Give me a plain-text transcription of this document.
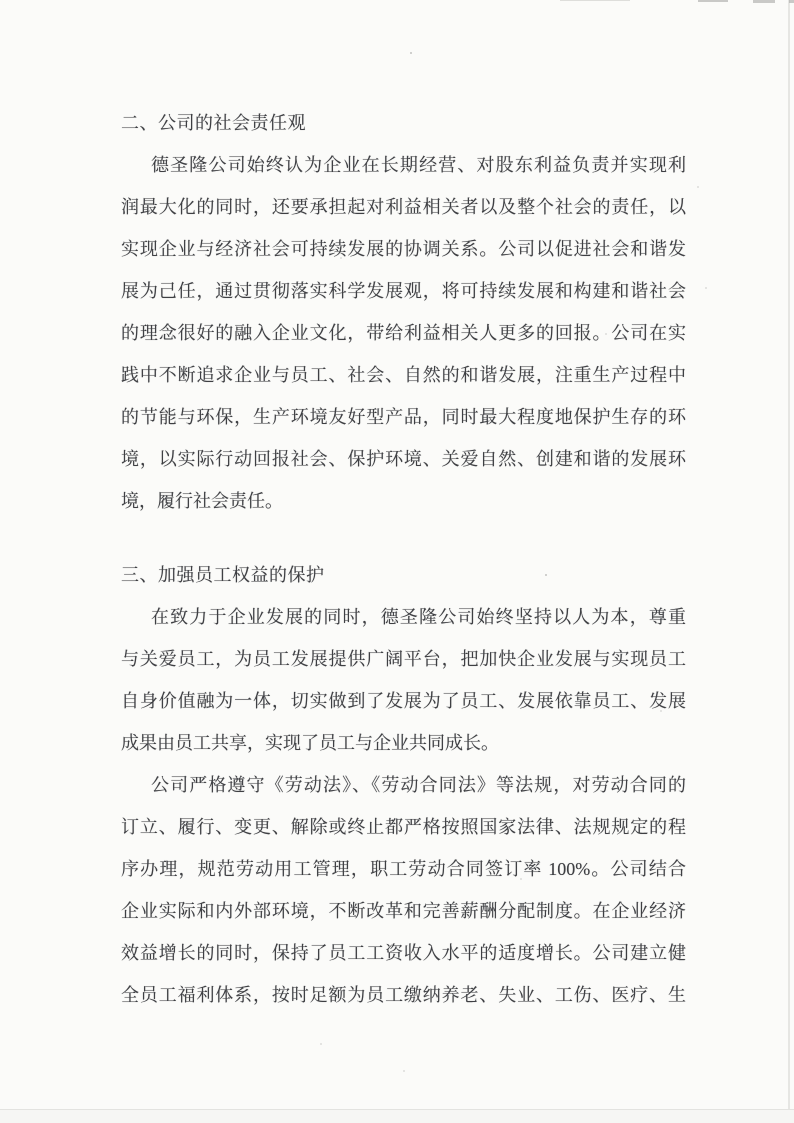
二、公司的社会责任观
德圣隆公司始终认为企业在长期经营、对股东利益负责并实现利
润最大化的同时，还要承担起对利益相关者以及整个社会的责任，以
实现企业与经济社会可持续发展的协调关系。公司以促进社会和谐发
展为己任，通过贯彻落实科学发展观，将可持续发展和构建和谐社会
的理念很好的融入企业文化，带给利益相关人更多的回报。公司在实
践中不断追求企业与员工、社会、自然的和谐发展，注重生产过程中
的节能与环保，生产环境友好型产品，同时最大程度地保护生存的环
境，以实际行动回报社会、保护环境、关爱自然、创建和谐的发展环
境，履行社会责任。
三、加强员工权益的保护
在致力于企业发展的同时，德圣隆公司始终坚持以人为本，尊重
与关爱员工，为员工发展提供广阔平台，把加快企业发展与实现员工
自身价值融为一体，切实做到了发展为了员工、发展依靠员工、发展
成果由员工共享，实现了员工与企业共同成长。
公司严格遵守《劳动法》、《劳动合同法》等法规，对劳动合同的
订立、履行、变更、解除或终止都严格按照国家法律、法规规定的程
序办理，规范劳动用工管理，职工劳动合同签订率 100%。公司结合
企业实际和内外部环境，不断改革和完善薪酬分配制度。在企业经济
效益增长的同时，保持了员工工资收入水平的适度增长。公司建立健
全员工福利体系，按时足额为员工缴纳养老、失业、工伤、医疗、生
